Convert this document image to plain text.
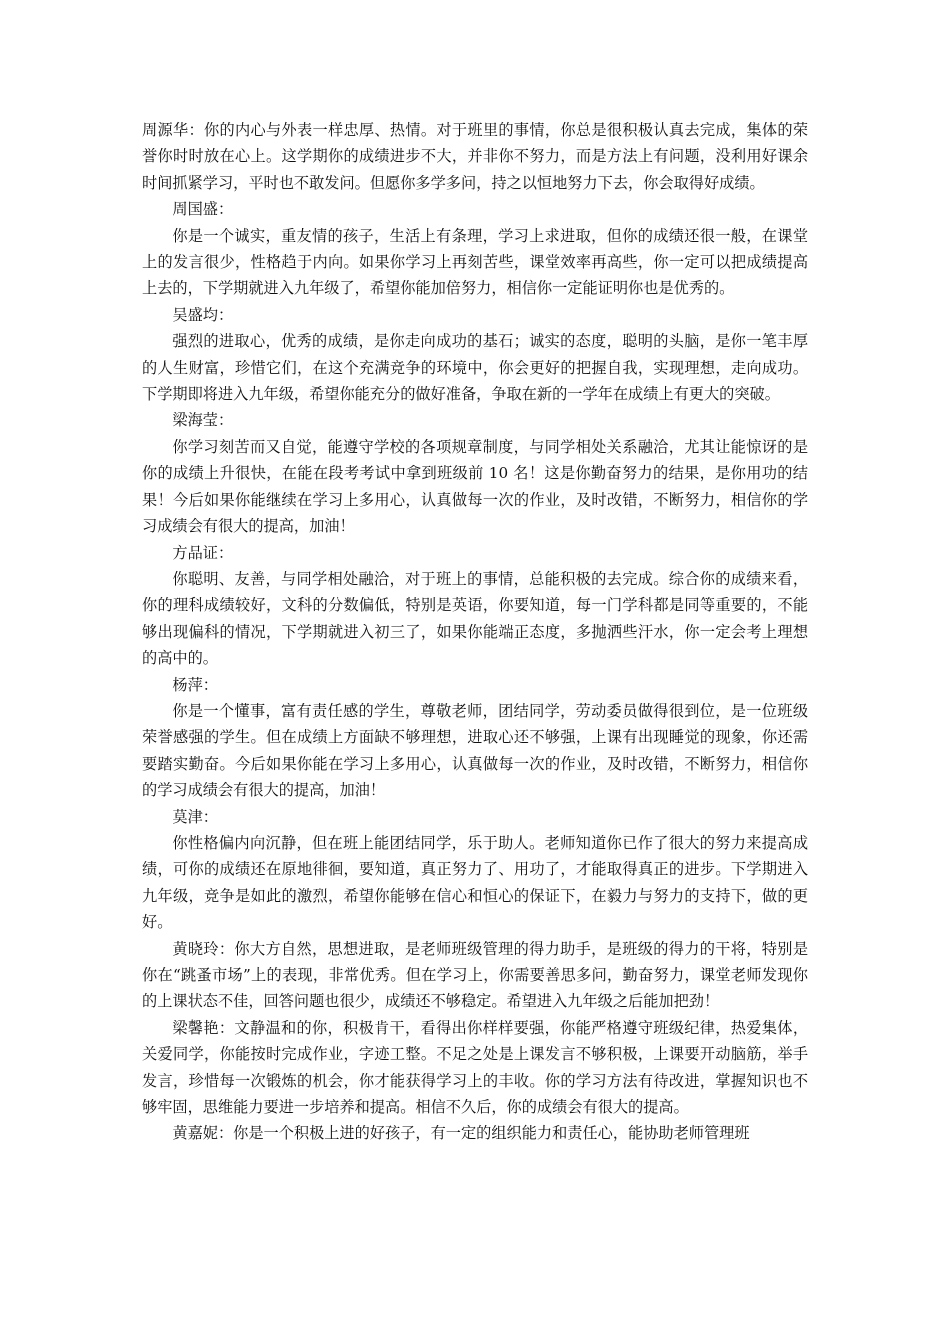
周源华：你的内心与外表一样忠厚、热情。对于班里的事情，你总是很积极认真去完成，集体的荣誉你时时放在心上。这学期你的成绩进步不大，并非你不努力，而是方法上有问题，没利用好课余时间抓紧学习，平时也不敢发问。但愿你多学多问，持之以恒地努力下去，你会取得好成绩。

周国盛：

你是一个诚实，重友情的孩子，生活上有条理，学习上求进取，但你的成绩还很一般，在课堂上的发言很少，性格趋于内向。如果你学习上再刻苦些，课堂效率再高些，你一定可以把成绩提高上去的，下学期就进入九年级了，希望你能加倍努力，相信你一定能证明你也是优秀的。

吴盛均：

强烈的进取心，优秀的成绩，是你走向成功的基石；诚实的态度，聪明的头脑，是你一笔丰厚的人生财富，珍惜它们，在这个充满竞争的环境中，你会更好的把握自我，实现理想，走向成功。下学期即将进入九年级，希望你能充分的做好准备，争取在新的一学年在成绩上有更大的突破。

梁海莹：

你学习刻苦而又自觉，能遵守学校的各项规章制度，与同学相处关系融洽，尤其让能惊讶的是你的成绩上升很快，在能在段考考试中拿到班级前 10 名！这是你勤奋努力的结果，是你用功的结果！今后如果你能继续在学习上多用心，认真做每一次的作业，及时改错，不断努力，相信你的学习成绩会有很大的提高，加油！

方品证：

你聪明、友善，与同学相处融洽，对于班上的事情，总能积极的去完成。综合你的成绩来看，你的理科成绩较好，文科的分数偏低，特别是英语，你要知道，每一门学科都是同等重要的，不能够出现偏科的情况，下学期就进入初三了，如果你能端正态度，多抛洒些汗水，你一定会考上理想的高中的。

杨萍：

你是一个懂事，富有责任感的学生，尊敬老师，团结同学，劳动委员做得很到位，是一位班级荣誉感强的学生。但在成绩上方面缺不够理想，进取心还不够强，上课有出现睡觉的现象，你还需要踏实勤奋。今后如果你能在学习上多用心，认真做每一次的作业，及时改错，不断努力，相信你的学习成绩会有很大的提高，加油！

莫津：

你性格偏内向沉静，但在班上能团结同学，乐于助人。老师知道你已作了很大的努力来提高成绩，可你的成绩还在原地徘徊，要知道，真正努力了、用功了，才能取得真正的进步。下学期进入九年级，竞争是如此的激烈，希望你能够在信心和恒心的保证下，在毅力与努力的支持下，做的更好。

黄晓玲：你大方自然，思想进取，是老师班级管理的得力助手，是班级的得力的干将，特别是你在“跳蚤市场”上的表现，非常优秀。但在学习上，你需要善思多问，勤奋努力，课堂老师发现你的上课状态不佳，回答问题也很少，成绩还不够稳定。希望进入九年级之后能加把劲！

梁馨艳：文静温和的你，积极肯干，看得出你样样要强，你能严格遵守班级纪律，热爱集体，关爱同学，你能按时完成作业，字迹工整。不足之处是上课发言不够积极，上课要开动脑筋，举手发言，珍惜每一次锻炼的机会，你才能获得学习上的丰收。你的学习方法有待改进，掌握知识也不够牢固，思维能力要进一步培养和提高。相信不久后，你的成绩会有很大的提高。

黄嘉妮：你是一个积极上进的好孩子，有一定的组织能力和责任心，能协助老师管理班
